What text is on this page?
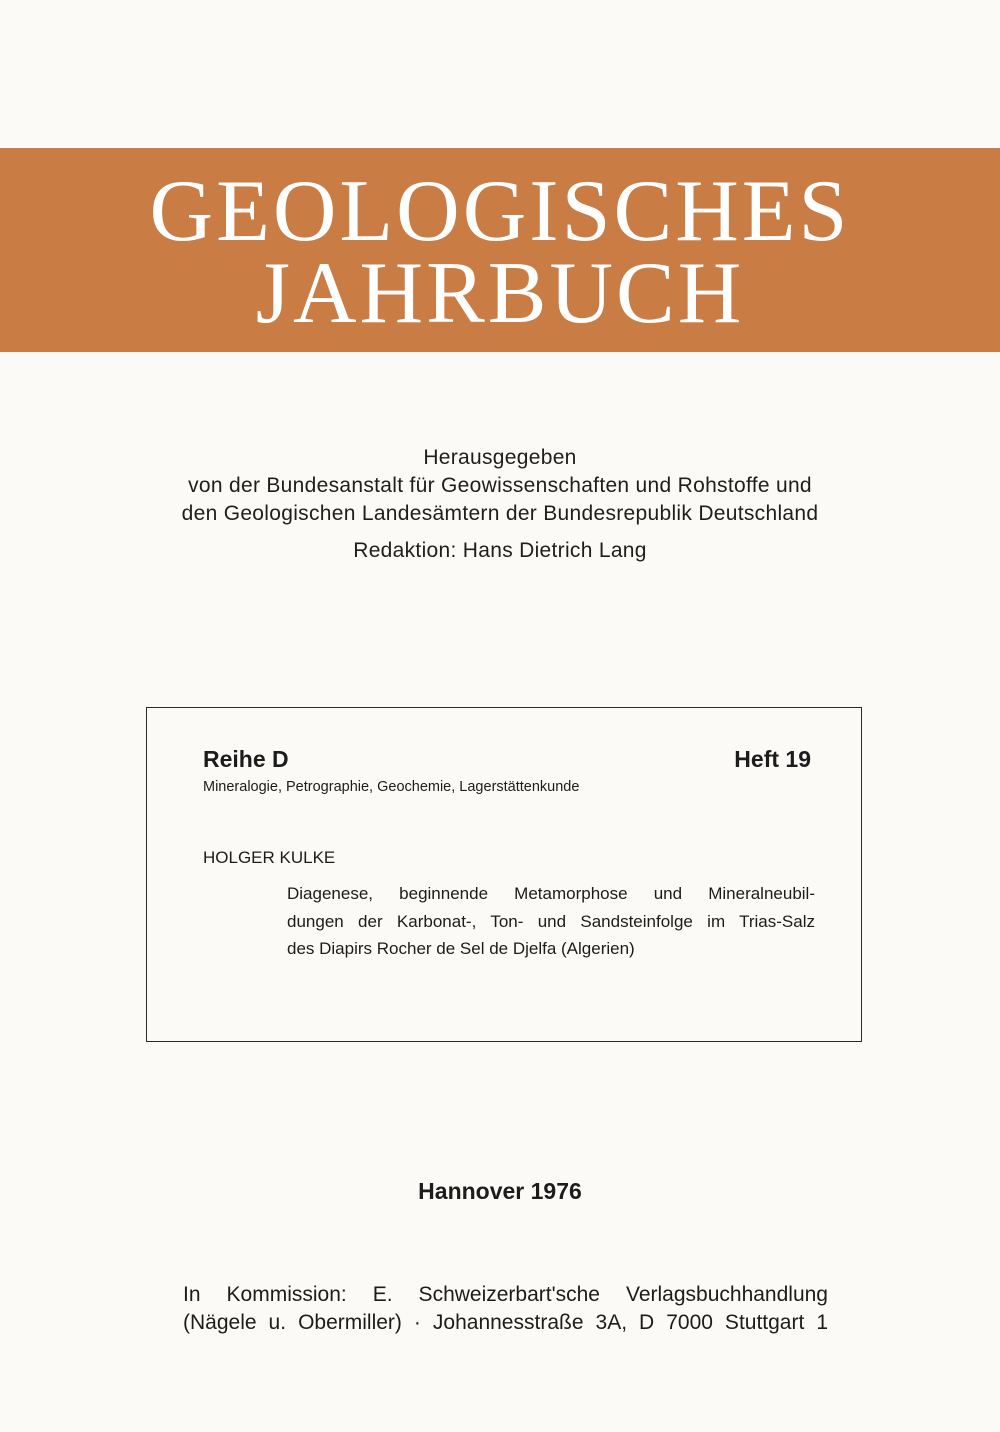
GEOLOGISCHES
JAHRBUCH
Herausgegeben
von der Bundesanstalt für Geowissenschaften und Rohstoffe und
den Geologischen Landesämtern der Bundesrepublik Deutschland
Redaktion: Hans Dietrich Lang
Reihe D	Heft 19
Mineralogie, Petrographie, Geochemie, Lagerstättenkunde
HOLGER KULKE
Diagenese, beginnende Metamorphose und Mineralneubil-
dungen der Karbonat-, Ton- und Sandsteinfolge im Trias-Salz
des Diapirs Rocher de Sel de Djelfa (Algerien)
Hannover 1976
In Kommission: E. Schweizerbart'sche Verlagsbuchhandlung
(Nägele u. Obermiller) · Johannesstraße 3A, D 7000 Stuttgart 1
